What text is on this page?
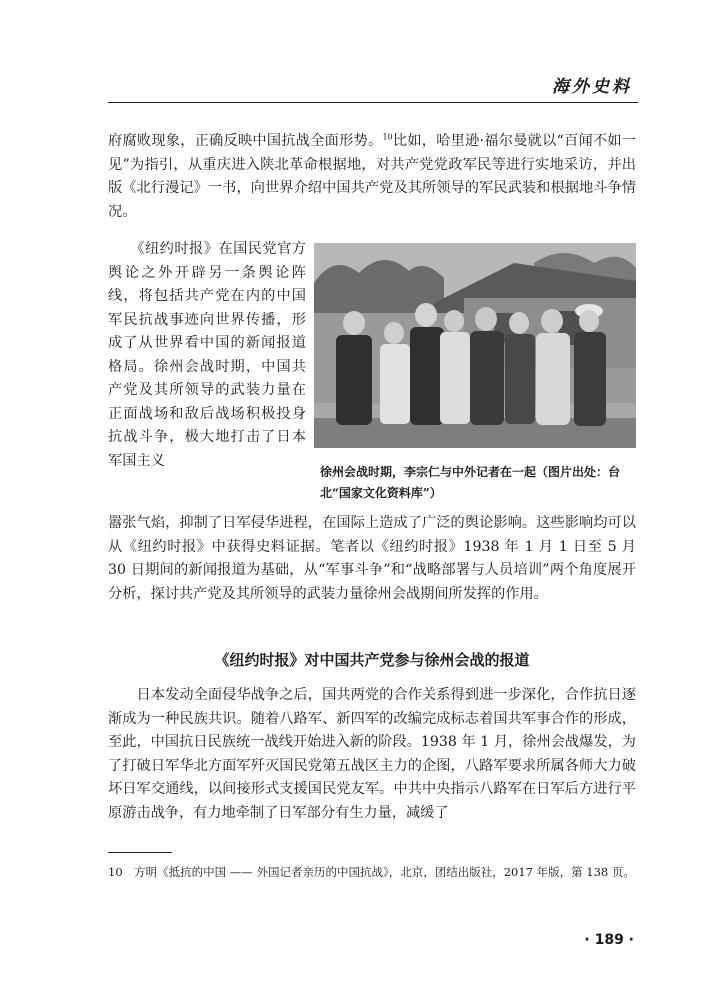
海外史料

府腐败现象，正确反映中国抗战全面形势。$^{10}$比如，哈里逊·福尔曼就以“百闻不如一见”为指引，从重庆进入陕北革命根据地，对共产党党政军民等进行实地采访，并出版《北行漫记》一书，向世界介绍中国共产党及其所领导的军民武装和根据地斗争情况。

　　《纽约时报》在国民党官方舆论之外开辟另一条舆论阵线，将包括共产党在内的中国军民抗战事迹向世界传播，形成了从世界看中国的新闻报道格局。徐州会战时期，中国共产党及其所领导的武装力量在正面战场和敌后战场积极投身抗战斗争，极大地打击了日本军国主义

徐州会战时期，李宗仁与中外记者在一起（图片出处：台北“国家文化资料库”）

嚣张气焰，抑制了日军侵华进程，在国际上造成了广泛的舆论影响。这些影响均可以从《纽约时报》中获得史料证据。笔者以《纽约时报》1938 年 1 月 1 日至 5 月 30 日期间的新闻报道为基础，从“军事斗争”和“战略部署与人员培训”两个角度展开分析，探讨共产党及其所领导的武装力量徐州会战期间所发挥的作用。

《纽约时报》对中国共产党参与徐州会战的报道

　　日本发动全面侵华战争之后，国共两党的合作关系得到进一步深化，合作抗日逐渐成为一种民族共识。随着八路军、新四军的改编完成标志着国共军事合作的形成，至此，中国抗日民族统一战线开始进入新的阶段。1938 年 1 月，徐州会战爆发，为了打破日军华北方面军歼灭国民党第五战区主力的企图，八路军要求所属各师大力破坏日军交通线，以间接形式支援国民党友军。中共中央指示八路军在日军后方进行平原游击战争，有力地牵制了日军部分有生力量，减缓了

10  方明《抵抗的中国 —— 外国记者亲历的中国抗战》，北京，团结出版社，2017 年版，第 138 页。

· 189 ·
